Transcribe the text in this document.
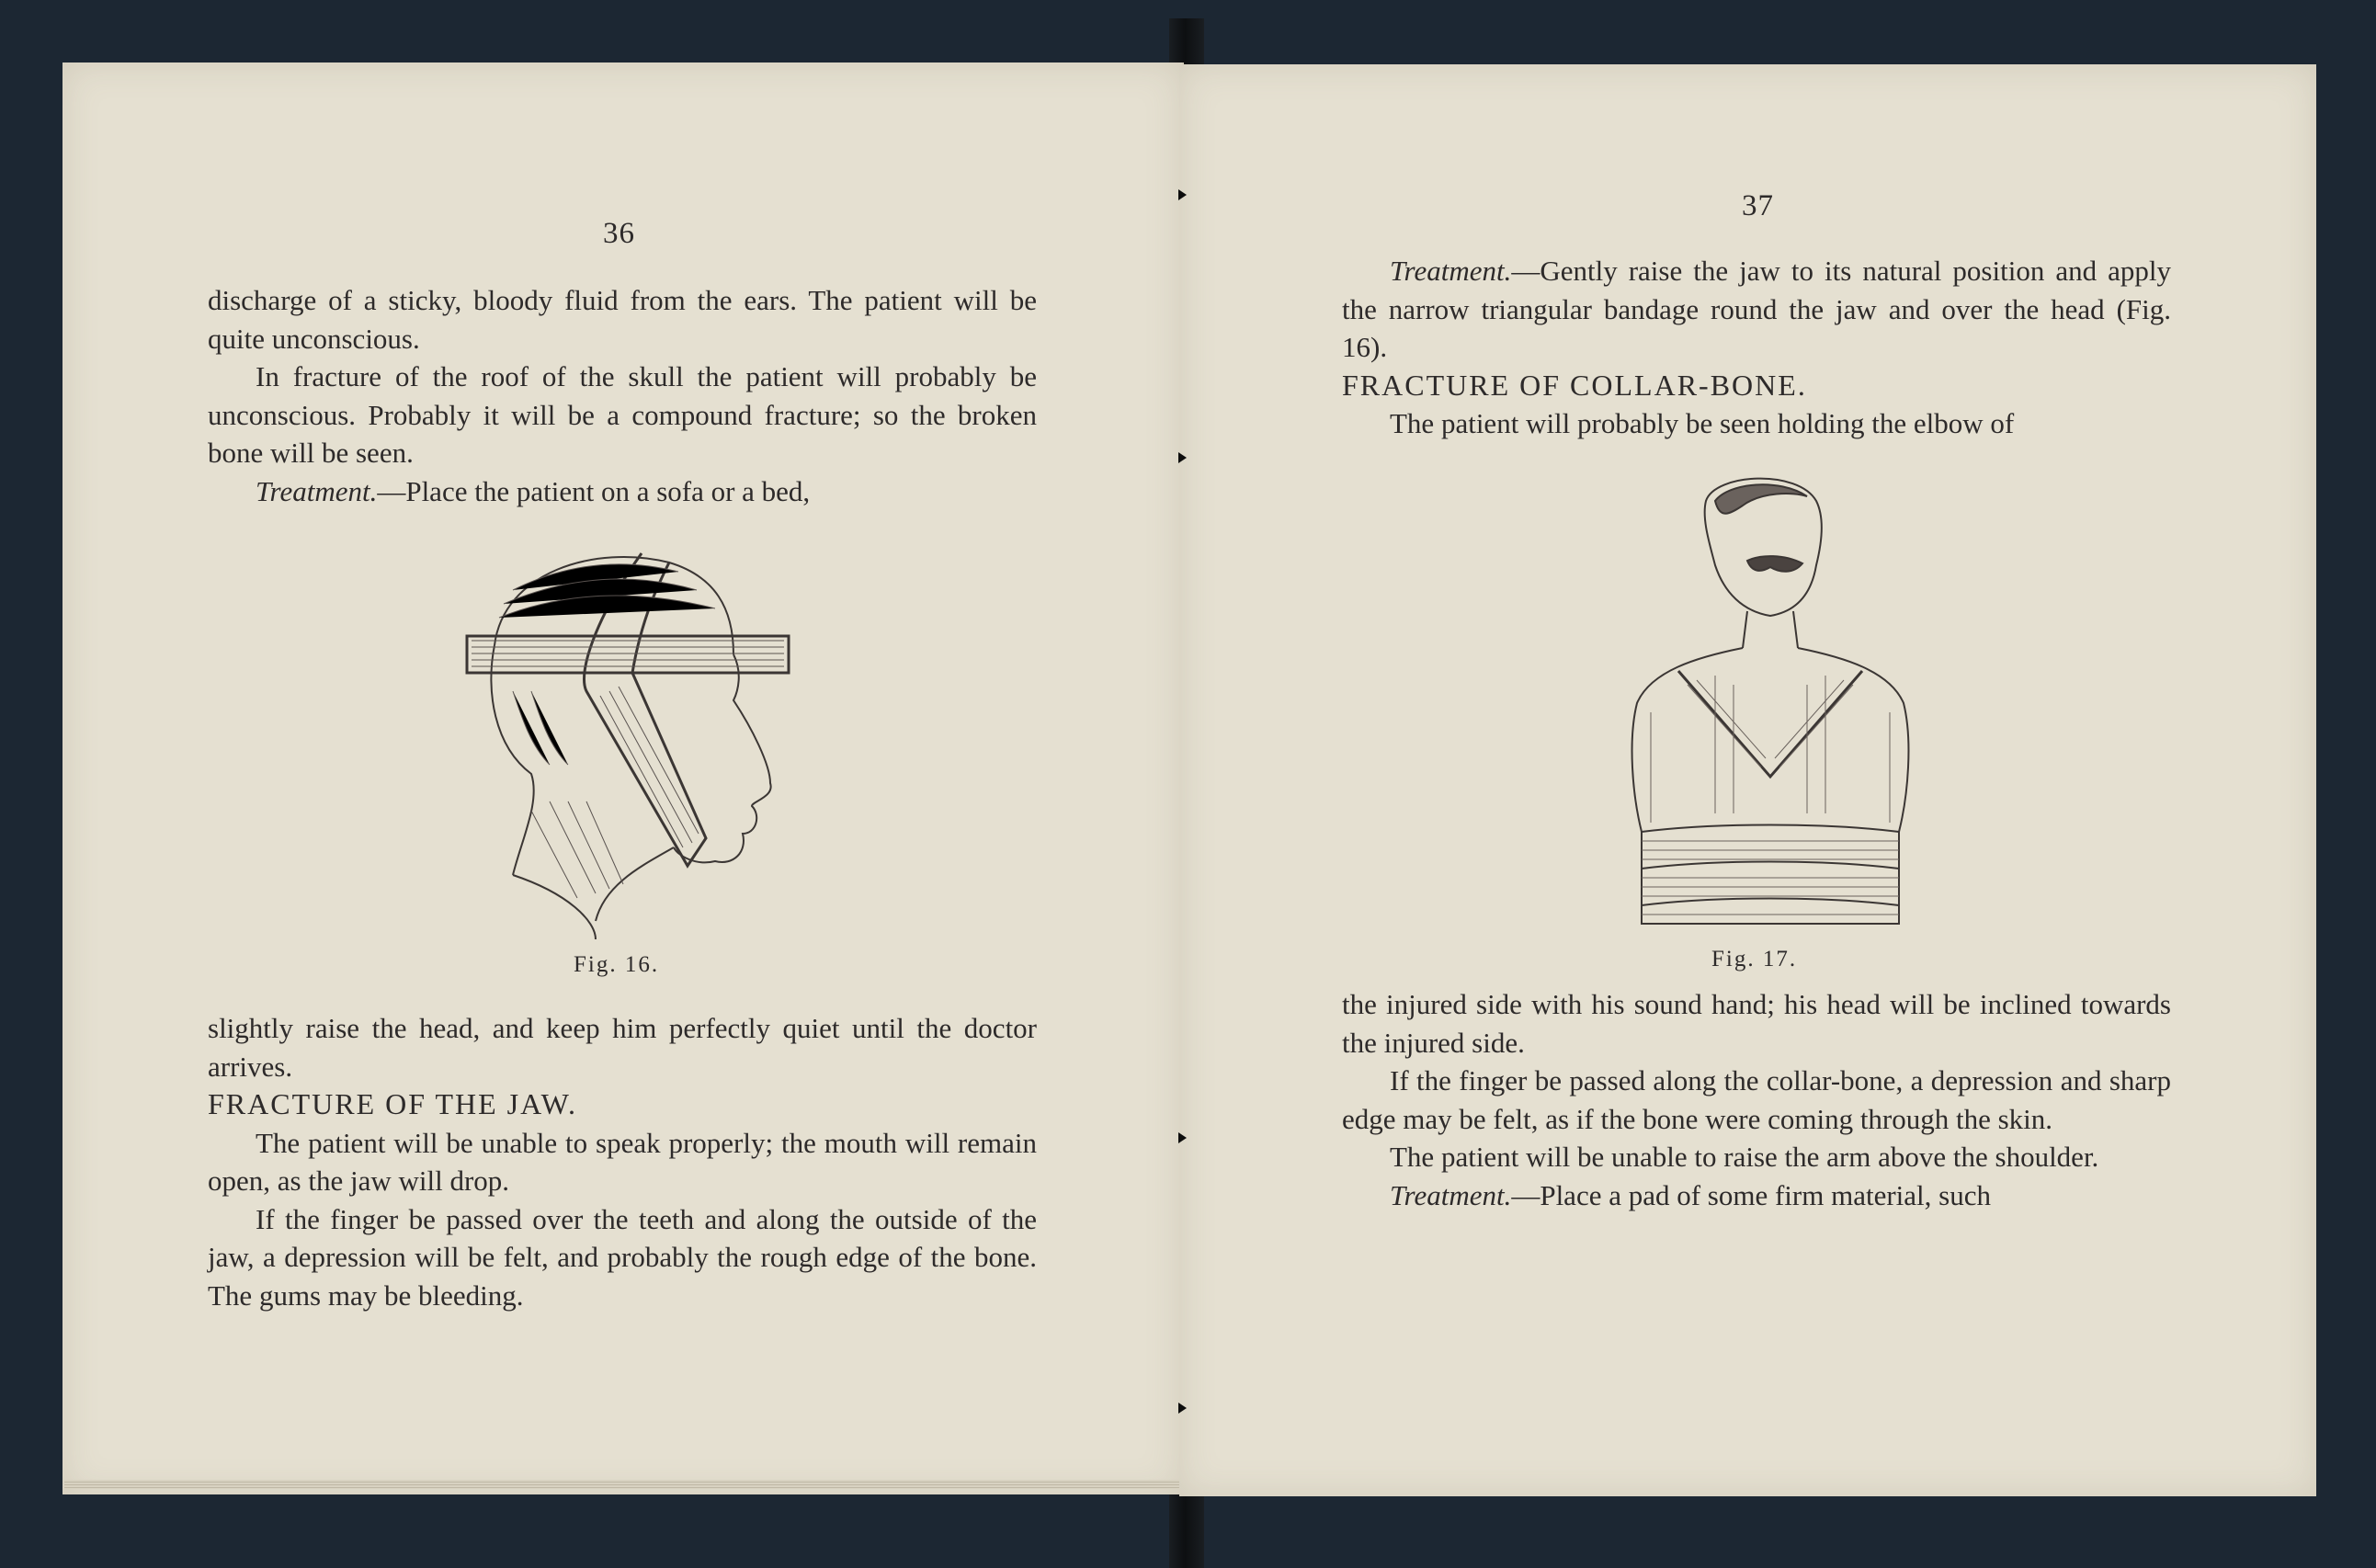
36

discharge of a sticky, bloody fluid from the ears. The patient will be quite unconscious.

In fracture of the roof of the skull the patient will probably be unconscious. Probably it will be a compound fracture; so the broken bone will be seen.

Treatment.—Place the patient on a sofa or a bed,

Fig. 16.

slightly raise the head, and keep him perfectly quiet until the doctor arrives.

FRACTURE OF THE JAW.

The patient will be unable to speak properly; the mouth will remain open, as the jaw will drop.

If the finger be passed over the teeth and along the outside of the jaw, a depression will be felt, and probably the rough edge of the bone. The gums may be bleeding.

37

Treatment.—Gently raise the jaw to its natural position and apply the narrow triangular bandage round the jaw and over the head (Fig. 16).

FRACTURE OF COLLAR-BONE.

The patient will probably be seen holding the elbow of

Fig. 17.

the injured side with his sound hand; his head will be inclined towards the injured side.

If the finger be passed along the collar-bone, a depression and sharp edge may be felt, as if the bone were coming through the skin.

The patient will be unable to raise the arm above the shoulder.

Treatment.—Place a pad of some firm material, such
